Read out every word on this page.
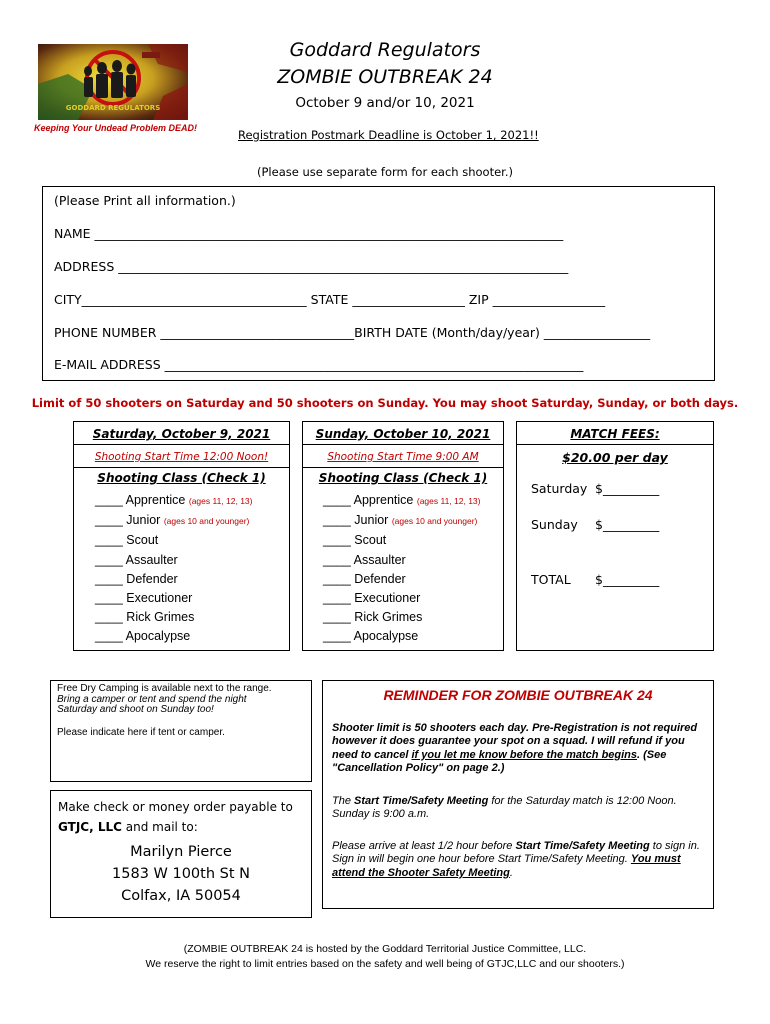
GODDARD REGULATORS
Keeping Your Undead Problem DEAD!
Goddard Regulators
ZOMBIE OUTBREAK 24
October 9 and/or 10, 2021
Registration Postmark Deadline is October 1, 2021!!
(Please use separate form for each shooter.)
(Please Print all information.)
NAME ___________________________________________________________________________
ADDRESS ________________________________________________________________________
CITY____________________________________ STATE __________________ ZIP __________________
PHONE NUMBER _______________________________BIRTH DATE (Month/day/year) _________________
E-MAIL ADDRESS ___________________________________________________________________
Limit of 50 shooters on Saturday and 50 shooters on Sunday. You may shoot Saturday, Sunday, or both days.
Saturday, October 9, 2021
Shooting Start Time 12:00 Noon!
Shooting Class (Check 1)
____ Apprentice (ages 11, 12, 13)
____ Junior (ages 10 and younger)
____ Scout
____ Assaulter
____ Defender
____ Executioner
____ Rick Grimes
____ Apocalypse
Sunday, October 10, 2021
Shooting Start Time 9:00 AM
Shooting Class (Check 1)
____ Apprentice (ages 11, 12, 13)
____ Junior (ages 10 and younger)
____ Scout
____ Assaulter
____ Defender
____ Executioner
____ Rick Grimes
____ Apocalypse
MATCH FEES:
$20.00 per day
Saturday $_________
Sunday $_________
TOTAL $_________
Free Dry Camping is available next to the range.
Bring a camper or tent and spend the night
Saturday and shoot on Sunday too!
Please indicate here if tent or camper.
Make check or money order payable to
GTJC, LLC and mail to:
Marilyn Pierce
1583 W 100th St N
Colfax, IA 50054
REMINDER FOR ZOMBIE OUTBREAK 24
Shooter limit is 50 shooters each day. Pre-Registration is not required however it does guarantee your spot on a squad. I will refund if you need to cancel if you let me know before the match begins. (See "Cancellation Policy" on page 2.)
The Start Time/Safety Meeting for the Saturday match is 12:00 Noon. Sunday is 9:00 a.m.
Please arrive at least 1/2 hour before Start Time/Safety Meeting to sign in. Sign in will begin one hour before Start Time/Safety Meeting. You must attend the Shooter Safety Meeting.
(ZOMBIE OUTBREAK 24 is hosted by the Goddard Territorial Justice Committee, LLC.
We reserve the right to limit entries based on the safety and well being of GTJC,LLC and our shooters.)
